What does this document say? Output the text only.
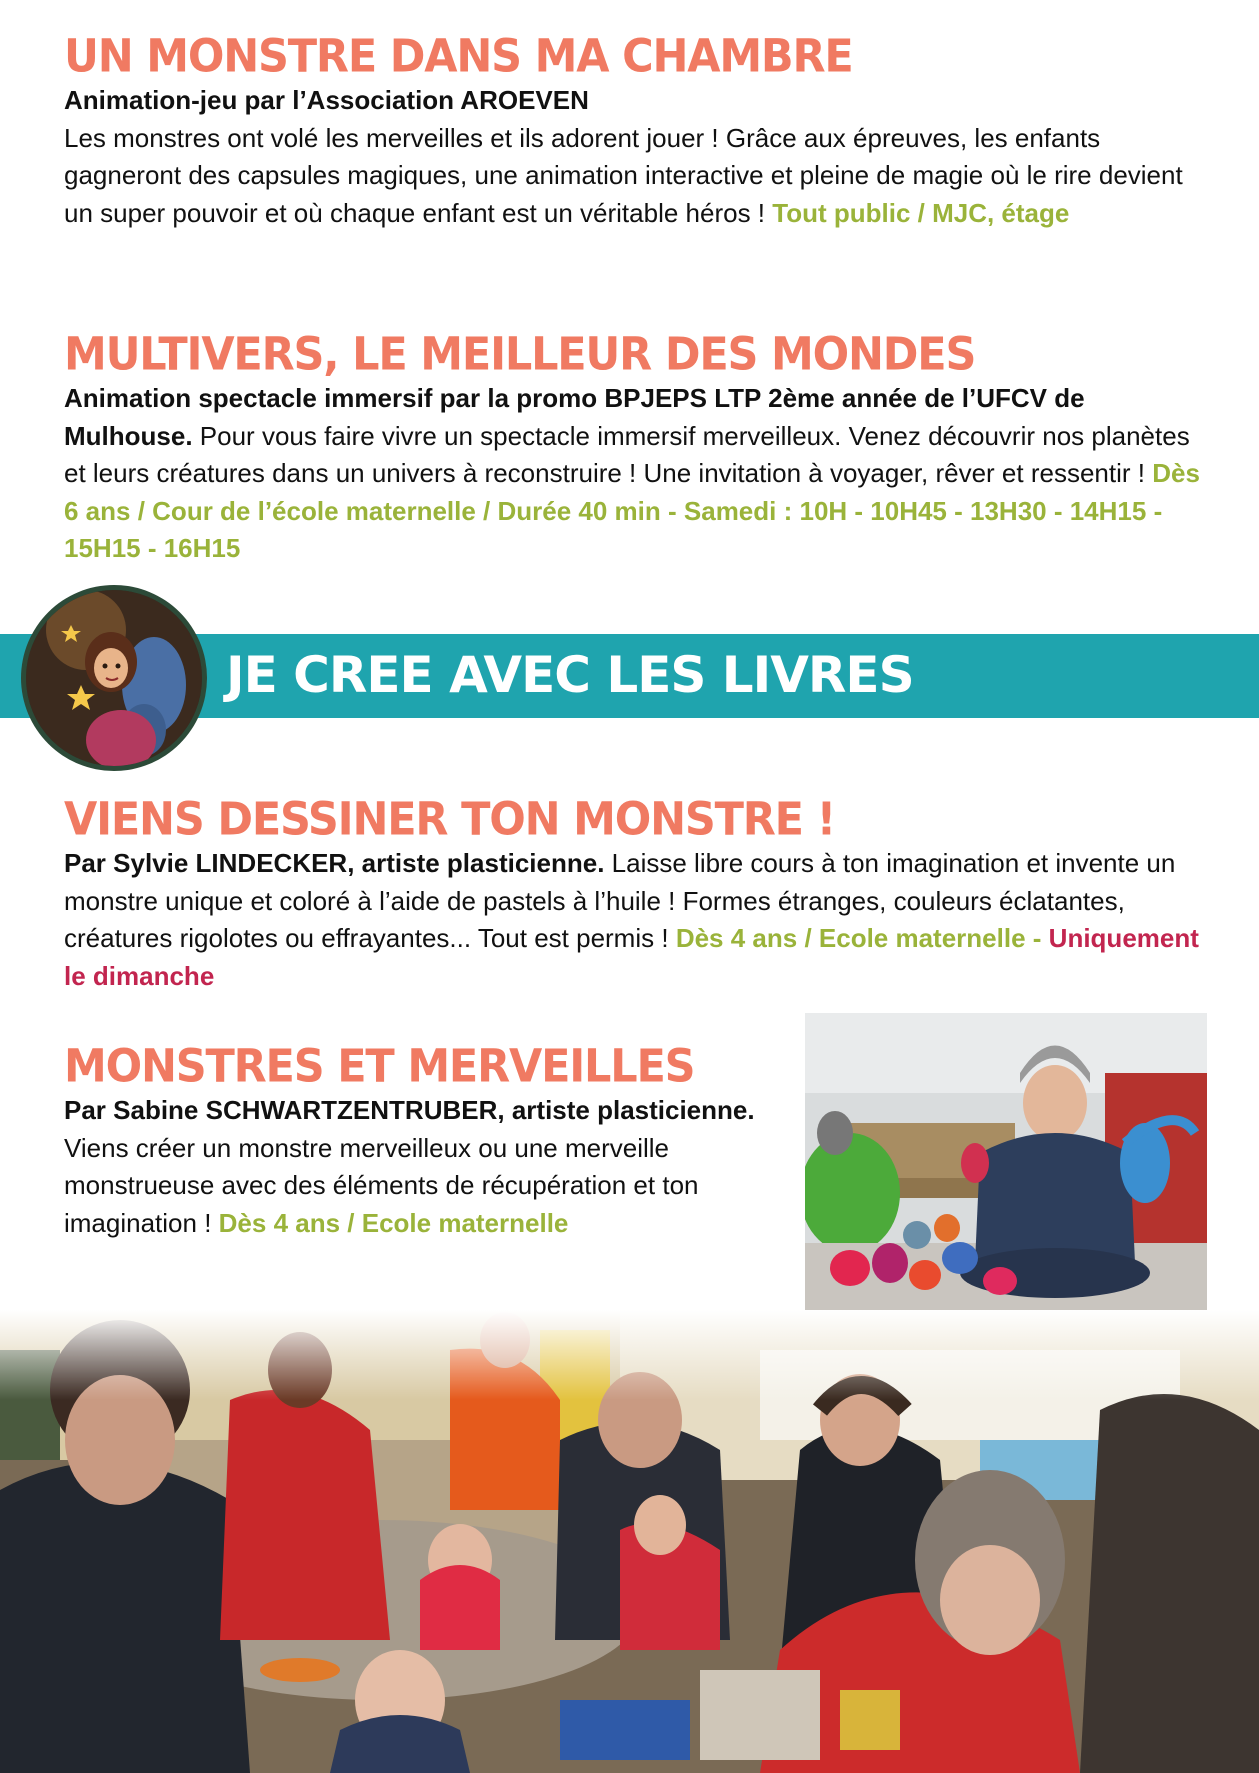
UN MONSTRE DANS MA CHAMBRE
Animation-jeu par l’Association AROEVEN
Les monstres ont volé les merveilles et ils adorent jouer ! Grâce aux épreuves, les enfants gagneront des capsules magiques, une animation interactive et pleine de magie où le rire devient un super pouvoir et où chaque enfant est un véritable héros ! Tout public / MJC, étage
MULTIVERS, LE MEILLEUR DES MONDES
Animation spectacle immersif par la promo BPJEPS LTP 2ème année de l’UFCV de Mulhouse. Pour vous faire vivre un spectacle immersif merveilleux. Venez découvrir nos planètes et leurs créatures dans un univers à reconstruire ! Une invitation à voyager, rêver et ressentir ! Dès 6 ans / Cour de l’école maternelle / Durée 40 min - Samedi : 10H - 10H45 - 13H30 - 14H15 - 15H15 - 16H15
JE CREE AVEC LES LIVRES
VIENS DESSINER TON MONSTRE !
Par Sylvie LINDECKER, artiste plasticienne. Laisse libre cours à ton imagination et invente un monstre unique et coloré à l’aide de pastels à l’huile ! Formes étranges, couleurs éclatantes, créatures rigolotes ou effrayantes... Tout est permis ! Dès 4 ans / Ecole maternelle - Uniquement le dimanche
MONSTRES ET MERVEILLES
Par Sabine SCHWARTZENTRUBER, artiste plasticienne. Viens créer un monstre merveilleux ou une merveille monstrueuse avec des éléments de récupération et ton imagination ! Dès 4 ans / Ecole maternelle
